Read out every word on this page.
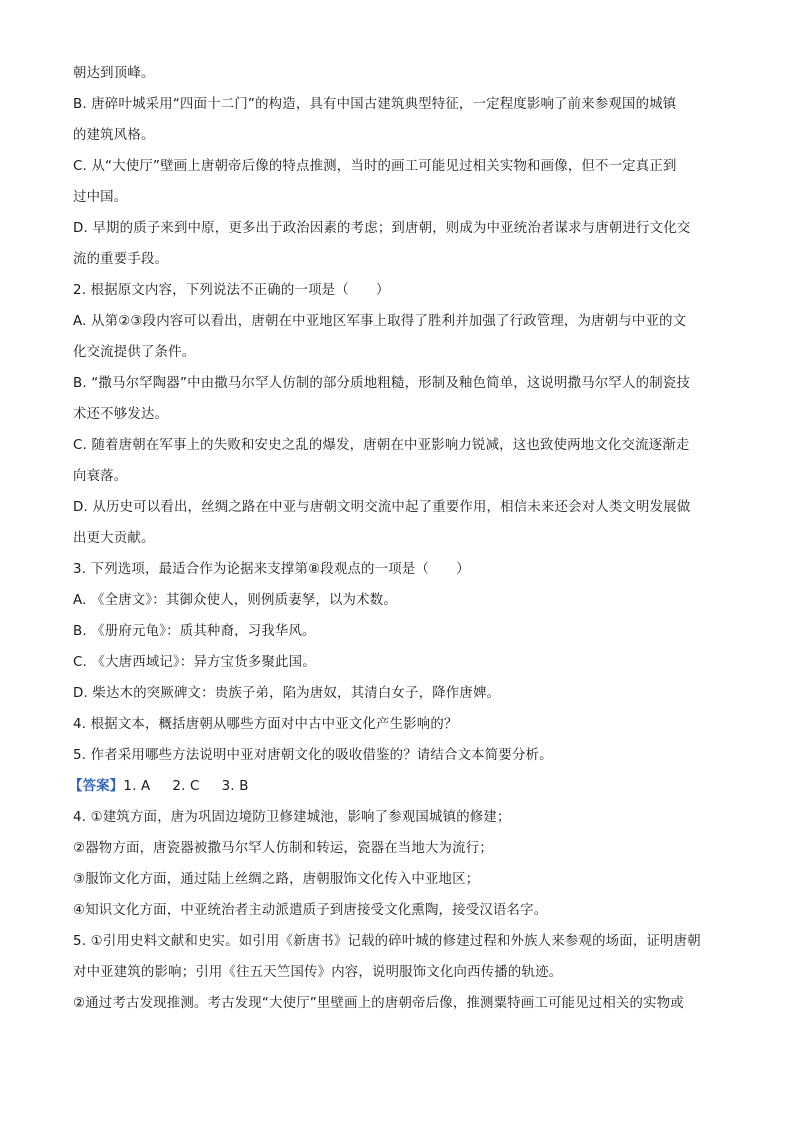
朝达到顶峰。
B. 唐碎叶城采用“四面十二门”的构造，具有中国古建筑典型特征，一定程度影响了前来参观国的城镇
的建筑风格。
C. 从“大使厅”壁画上唐朝帝后像的特点推测，当时的画工可能见过相关实物和画像，但不一定真正到
过中国。
D. 早期的质子来到中原，更多出于政治因素的考虑；到唐朝，则成为中亚统治者谋求与唐朝进行文化交
流的重要手段。
2. 根据原文内容，下列说法不正确的一项是（　　）
A. 从第②③段内容可以看出，唐朝在中亚地区军事上取得了胜利并加强了行政管理，为唐朝与中亚的文
化交流提供了条件。
B. “撒马尔罕陶器”中由撒马尔罕人仿制的部分质地粗糙，形制及釉色简单，这说明撒马尔罕人的制瓷技
术还不够发达。
C. 随着唐朝在军事上的失败和安史之乱的爆发，唐朝在中亚影响力锐减，这也致使两地文化交流逐渐走
向衰落。
D. 从历史可以看出，丝绸之路在中亚与唐朝文明交流中起了重要作用，相信未来还会对人类文明发展做
出更大贡献。
3. 下列选项，最适合作为论据来支撑第⑧段观点的一项是（　　）
A. 《全唐文》：其御众使人，则例质妻孥，以为术数。
B. 《册府元龟》：质其种裔，习我华风。
C. 《大唐西域记》：异方宝货多聚此国。
D. 柴达木的突厥碑文：贵族子弟，陷为唐奴，其清白女子，降作唐婢。
4. 根据文本，概括唐朝从哪些方面对中古中亚文化产生影响的？
5. 作者采用哪些方法说明中亚对唐朝文化的吸收借鉴的？请结合文本简要分析。
【答案】1. A 2. C 3. B
4. ①建筑方面，唐为巩固边境防卫修建城池，影响了参观国城镇的修建；
②器物方面，唐瓷器被撒马尔罕人仿制和转运，瓷器在当地大为流行；
③服饰文化方面，通过陆上丝绸之路，唐朝服饰文化传入中亚地区；
④知识文化方面，中亚统治者主动派遣质子到唐接受文化熏陶，接受汉语名字。
5. ①引用史料文献和史实。如引用《新唐书》记载的碎叶城的修建过程和外族人来参观的场面，证明唐朝
对中亚建筑的影响；引用《往五天竺国传》内容，说明服饰文化向西传播的轨迹。
②通过考古发现推测。考古发现“大使厅”里壁画上的唐朝帝后像，推测粟特画工可能见过相关的实物或
